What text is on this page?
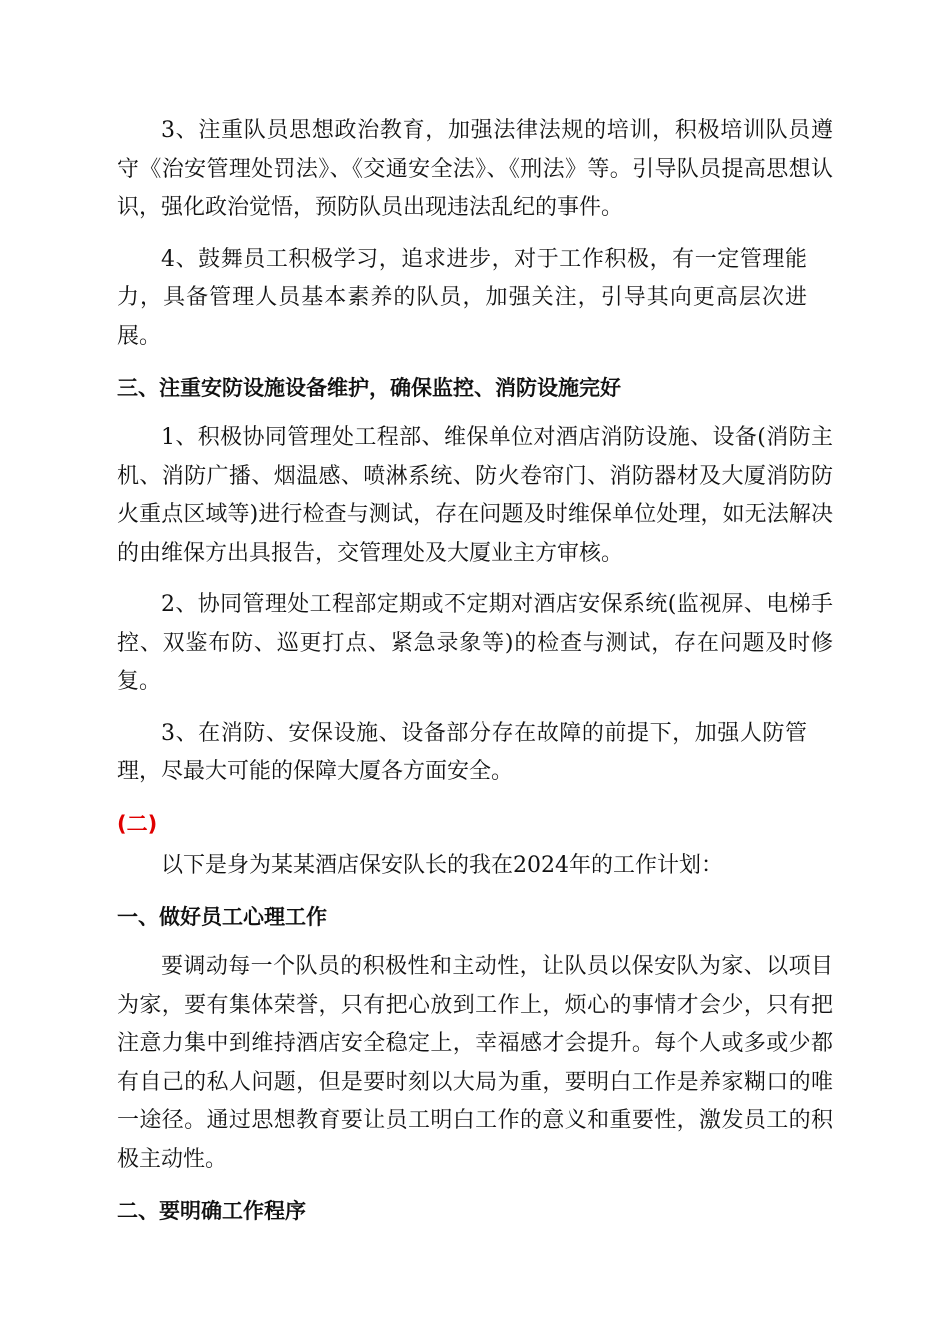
3、注重队员思想政治教育，加强法律法规的培训，积极培训队员遵守《治安管理处罚法》、《交通安全法》、《刑法》等。引导队员提高思想认识，强化政治觉悟，预防队员出现违法乱纪的事件。

4、鼓舞员工积极学习，追求进步，对于工作积极，有一定管理能力，具备管理人员基本素养的队员，加强关注，引导其向更高层次进展。

三、注重安防设施设备维护，确保监控、消防设施完好

1、积极协同管理处工程部、维保单位对酒店消防设施、设备(消防主机、消防广播、烟温感、喷淋系统、防火卷帘门、消防器材及大厦消防防火重点区域等)进行检查与测试，存在问题及时维保单位处理，如无法解决的由维保方出具报告，交管理处及大厦业主方审核。

2、协同管理处工程部定期或不定期对酒店安保系统(监视屏、电梯手控、双鉴布防、巡更打点、紧急录象等)的检查与测试，存在问题及时修复。

3、在消防、安保设施、设备部分存在故障的前提下，加强人防管理，尽最大可能的保障大厦各方面安全。

(二)

以下是身为某某酒店保安队长的我在2024年的工作计划：

一、做好员工心理工作

要调动每一个队员的积极性和主动性，让队员以保安队为家、以项目为家，要有集体荣誉，只有把心放到工作上，烦心的事情才会少，只有把注意力集中到维持酒店安全稳定上，幸福感才会提升。每个人或多或少都有自己的私人问题，但是要时刻以大局为重，要明白工作是养家糊口的唯一途径。通过思想教育要让员工明白工作的意义和重要性，激发员工的积极主动性。

二、要明确工作程序
